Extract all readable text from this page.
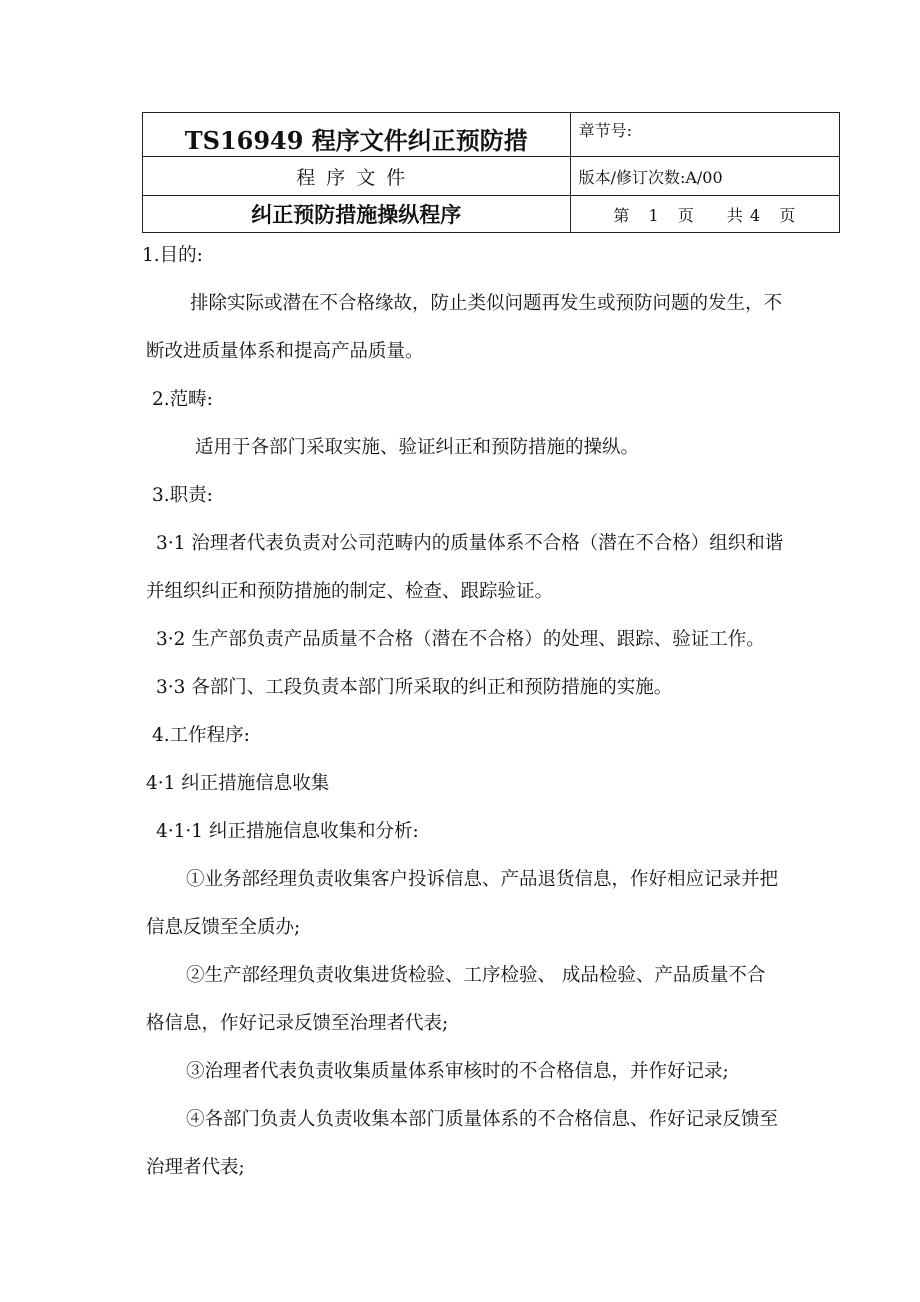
TS16949 程序文件纠正预防措	章节号:

程序文件	版本/修订次数:A/00
纠正预防措施操纵程序	第 1 页 共 4 页
1.目的:
排除实际或潜在不合格缘故，防止类似问题再发生或预防问题的发生，不
断改进质量体系和提高产品质量。
2.范畴:
适用于各部门采取实施、验证纠正和预防措施的操纵。
3.职责:
3·1 治理者代表负责对公司范畴内的质量体系不合格（潜在不合格）组织和谐
并组织纠正和预防措施的制定、检查、跟踪验证。
3·2 生产部负责产品质量不合格（潜在不合格）的处理、跟踪、验证工作。
3·3 各部门、工段负责本部门所采取的纠正和预防措施的实施。
4.工作程序:
4·1 纠正措施信息收集
4·1·1 纠正措施信息收集和分析:
①业务部经理负责收集客户投诉信息、产品退货信息，作好相应记录并把
信息反馈至全质办;
②生产部经理负责收集进货检验、工序检验、 成品检验、产品质量不合
格信息，作好记录反馈至治理者代表;
③治理者代表负责收集质量体系审核时的不合格信息，并作好记录;
④各部门负责人负责收集本部门质量体系的不合格信息、作好记录反馈至
治理者代表;
